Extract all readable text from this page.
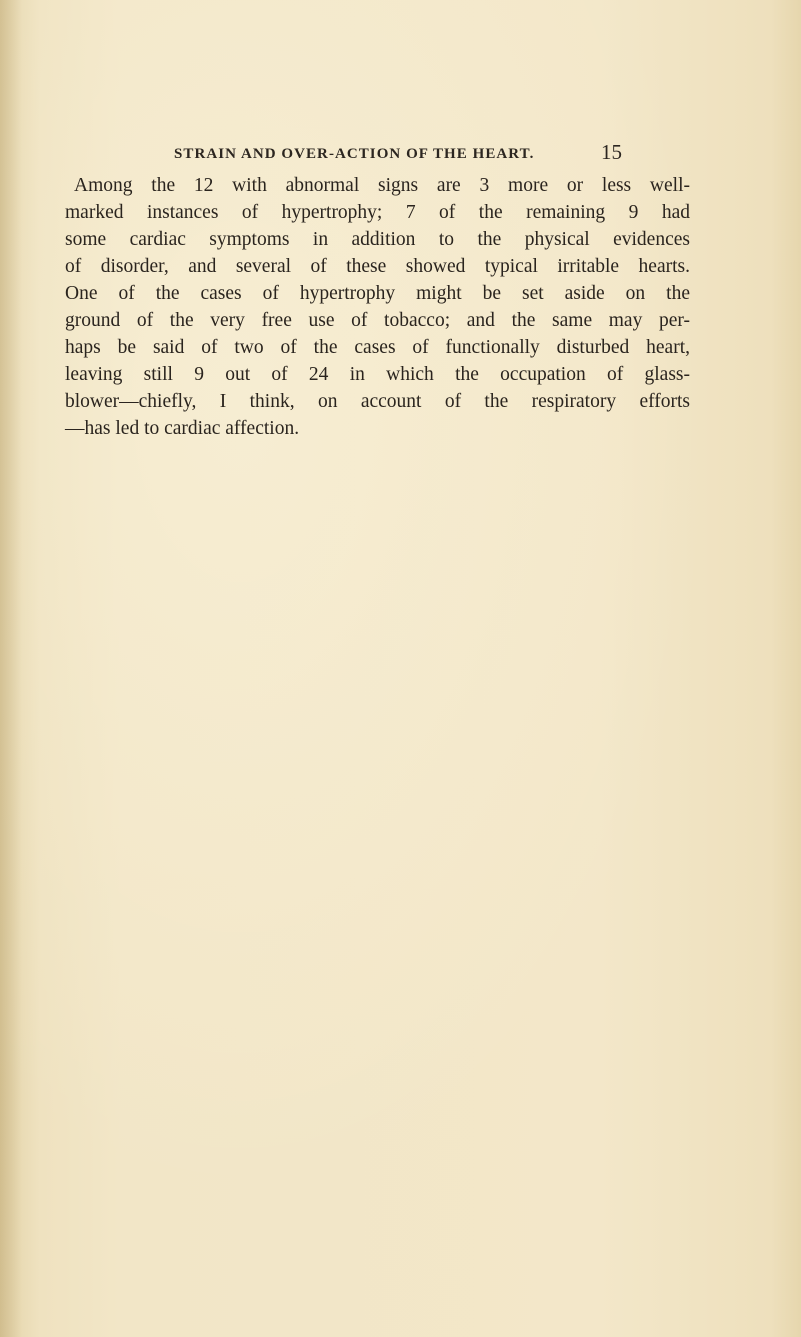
STRAIN AND OVER-ACTION OF THE HEART.	15
Among the 12 with abnormal signs are 3 more or less well-
marked instances of hypertrophy; 7 of the remaining 9 had
some cardiac symptoms in addition to the physical evidences
of disorder, and several of these showed typical irritable hearts.
One of the cases of hypertrophy might be set aside on the
ground of the very free use of tobacco; and the same may per-
haps be said of two of the cases of functionally disturbed heart,
leaving still 9 out of 24 in which the occupation of glass-
blower—chiefly, I think, on account of the respiratory efforts
—has led to cardiac affection.
